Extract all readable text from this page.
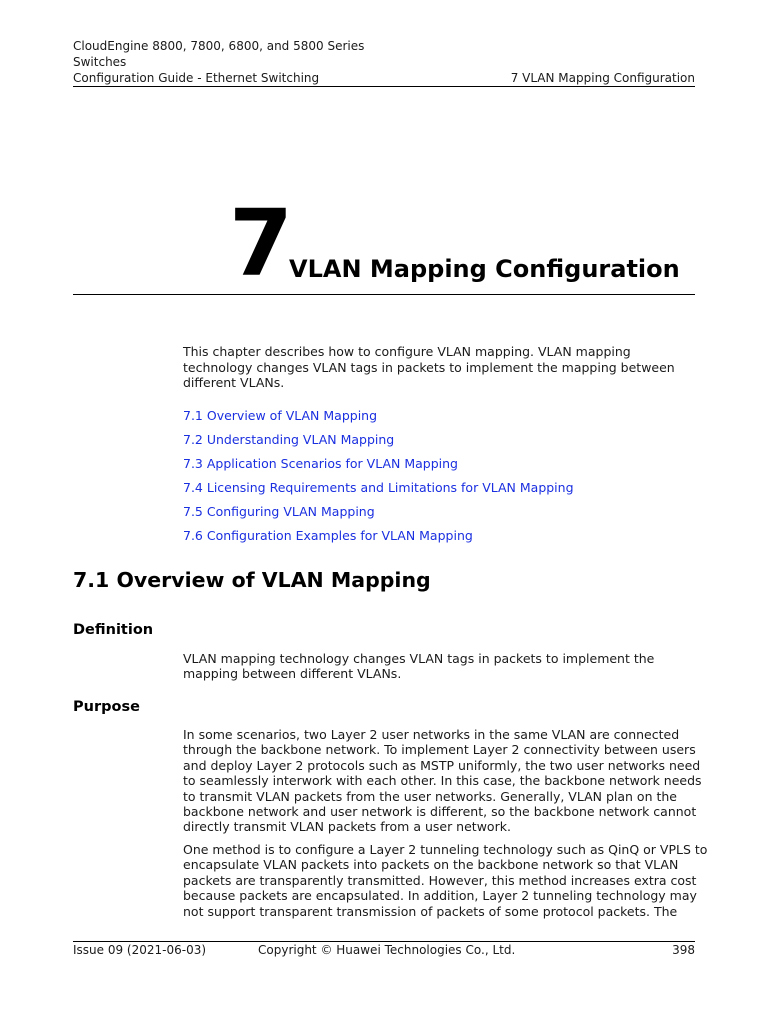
CloudEngine 8800, 7800, 6800, and 5800 Series
Switches
Configuration Guide - Ethernet Switching	7 VLAN Mapping Configuration
7
VLAN Mapping Configuration

This chapter describes how to configure VLAN mapping. VLAN mapping technology changes VLAN tags in packets to implement the mapping between different VLANs.

7.1 Overview of VLAN Mapping
7.2 Understanding VLAN Mapping
7.3 Application Scenarios for VLAN Mapping
7.4 Licensing Requirements and Limitations for VLAN Mapping
7.5 Configuring VLAN Mapping
7.6 Configuration Examples for VLAN Mapping
7.1 Overview of VLAN Mapping
Definition

VLAN mapping technology changes VLAN tags in packets to implement the mapping between different VLANs.

Purpose

In some scenarios, two Layer 2 user networks in the same VLAN are connected through the backbone network. To implement Layer 2 connectivity between users and deploy Layer 2 protocols such as MSTP uniformly, the two user networks need to seamlessly interwork with each other. In this case, the backbone network needs to transmit VLAN packets from the user networks. Generally, VLAN plan on the backbone network and user network is different, so the backbone network cannot directly transmit VLAN packets from a user network.

One method is to configure a Layer 2 tunneling technology such as QinQ or VPLS to encapsulate VLAN packets into packets on the backbone network so that VLAN packets are transparently transmitted. However, this method increases extra cost because packets are encapsulated. In addition, Layer 2 tunneling technology may not support transparent transmission of packets of some protocol packets. The

Issue 09 (2021-06-03)	Copyright © Huawei Technologies Co., Ltd.	398
